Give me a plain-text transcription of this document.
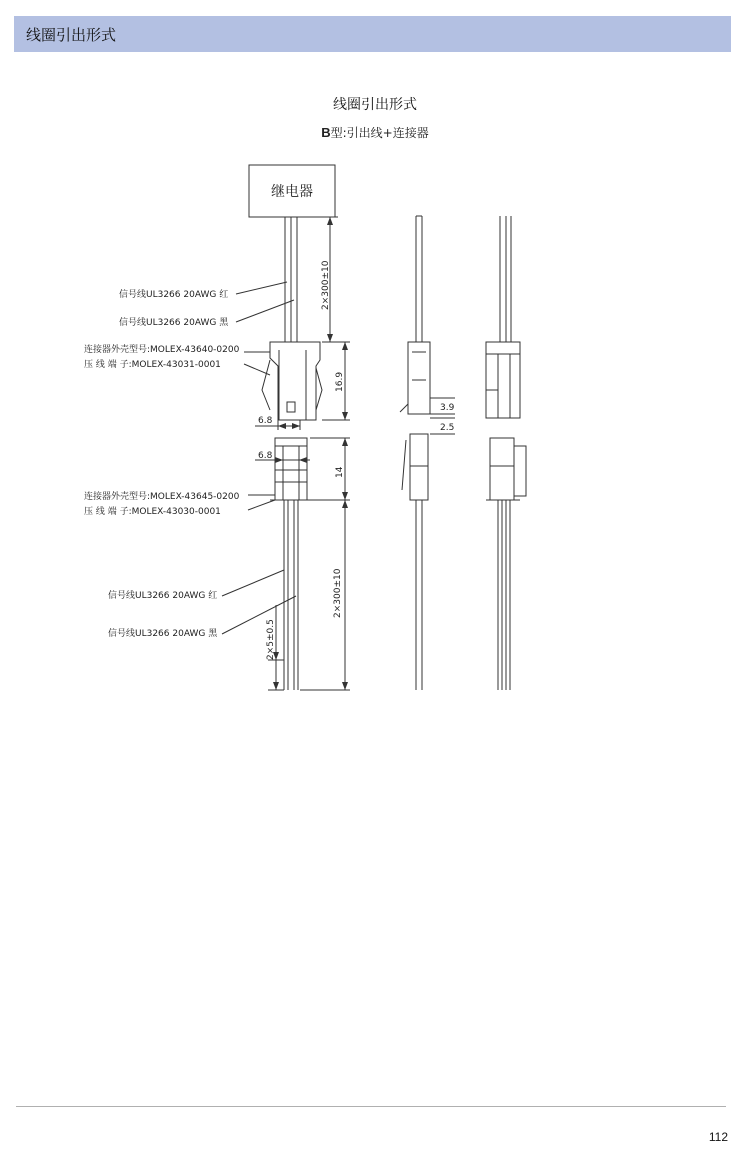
线圈引出形式
线圈引出形式
B型:引出线+连接器
继电器
信号线UL3266 20AWG 红
信号线UL3266 20AWG 黑
连接器外壳型号:MOLEX-43640-0200
压 线 端 子:MOLEX-43031-0001
连接器外壳型号:MOLEX-43645-0200
压 线 端 子:MOLEX-43030-0001
信号线UL3266 20AWG 红
信号线UL3266 20AWG 黑
2×300±10
16.9
6.8
6.8
14
2×300±10
2×5±0.5
3.9
2.5
112
